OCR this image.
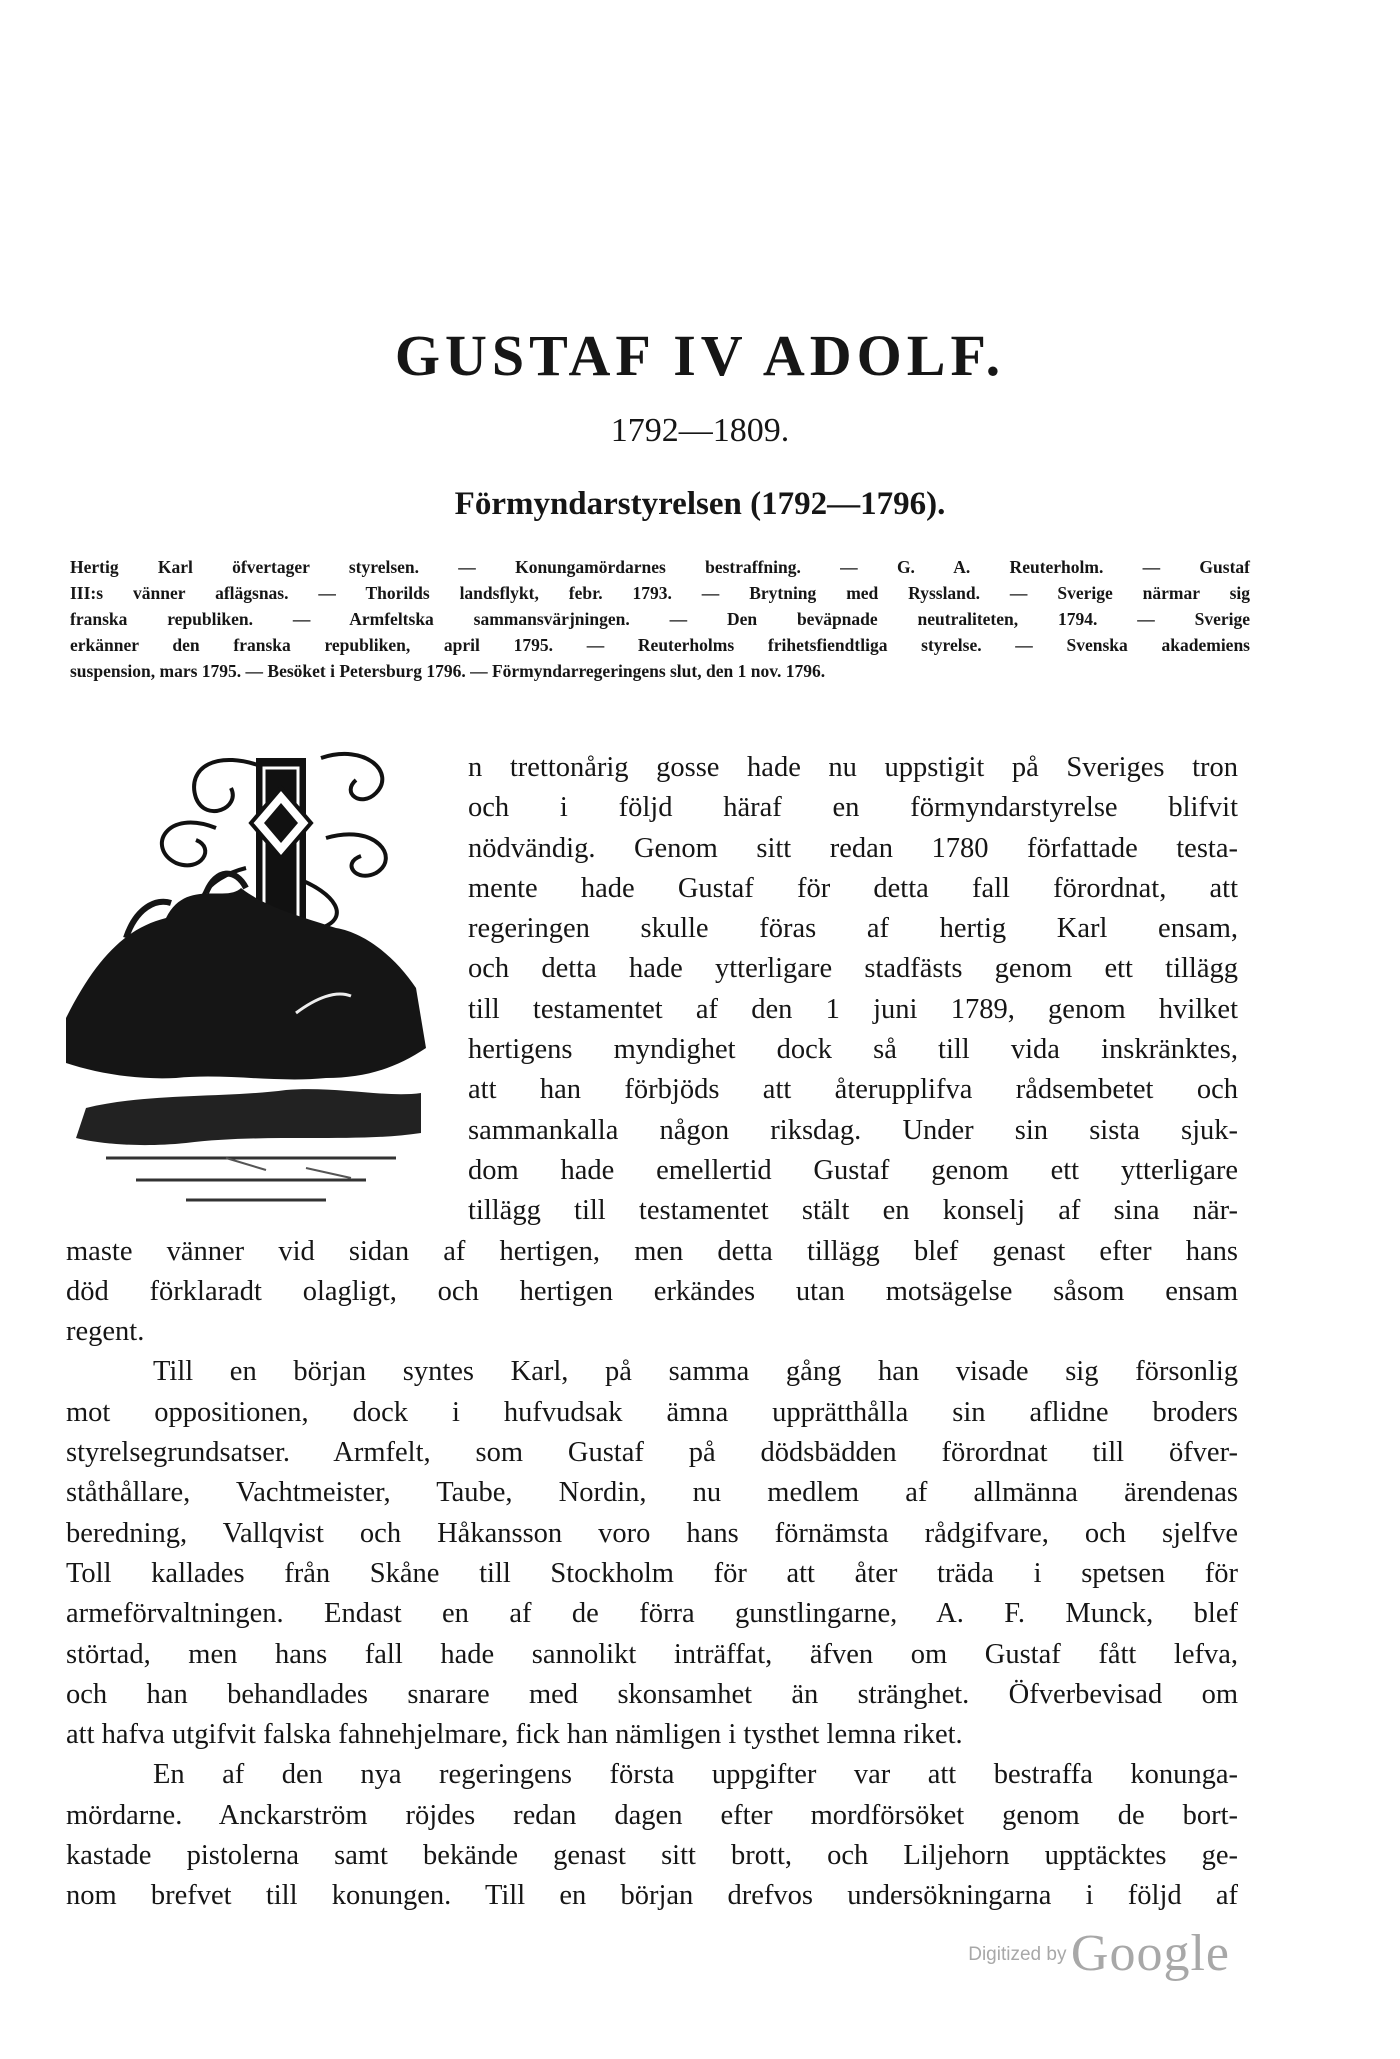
GUSTAF IV ADOLF.
1792—1809.
Förmyndarstyrelsen (1792—1796).
Hertig Karl öfvertager styrelsen. — Konungamördarnes bestraffning. — G. A. Reuterholm. — Gustaf
III:s vänner aflägsnas. — Thorilds landsflykt, febr. 1793. — Brytning med Ryssland. — Sverige närmar sig
franska republiken. — Armfeltska sammansvärjningen. — Den beväpnade neutraliteten, 1794. — Sverige
erkänner den franska republiken, april 1795. — Reuterholms frihetsfiendtliga styrelse. — Svenska akademiens
suspension, mars 1795. — Besöket i Petersburg 1796. — Förmyndarregeringens slut, den 1 nov. 1796.
n trettonårig gosse hade nu uppstigit på Sveriges tron
och i följd häraf en förmyndarstyrelse blifvit
nödvändig. Genom sitt redan 1780 författade testa-
mente hade Gustaf för detta fall förordnat, att
regeringen skulle föras af hertig Karl ensam,
och detta hade ytterligare stadfästs genom ett tillägg
till testamentet af den 1 juni 1789, genom hvilket
hertigens myndighet dock så till vida inskränktes,
att han förbjöds att återupplifva rådsembetet och
sammankalla någon riksdag. Under sin sista sjuk-
dom hade emellertid Gustaf genom ett ytterligare
tillägg till testamentet stält en konselj af sina när-
maste vänner vid sidan af hertigen, men detta tillägg blef genast efter hans
död förklaradt olagligt, och hertigen erkändes utan motsägelse såsom ensam
regent.
Till en början syntes Karl, på samma gång han visade sig försonlig
mot oppositionen, dock i hufvudsak ämna upprätthålla sin aflidne broders
styrelsegrundsatser. Armfelt, som Gustaf på dödsbädden förordnat till öfver-
ståthållare, Vachtmeister, Taube, Nordin, nu medlem af allmänna ärendenas
beredning, Vallqvist och Håkansson voro hans förnämsta rådgifvare, och sjelfve
Toll kallades från Skåne till Stockholm för att åter träda i spetsen för
armeförvaltningen. Endast en af de förra gunstlingarne, A. F. Munck, blef
störtad, men hans fall hade sannolikt inträffat, äfven om Gustaf fått lefva,
och han behandlades snarare med skonsamhet än stränghet. Öfverbevisad om
att hafva utgifvit falska fahnehjelmare, fick han nämligen i tysthet lemna riket.
En af den nya regeringens första uppgifter var att bestraffa konunga-
mördarne. Anckarström röjdes redan dagen efter mordförsöket genom de bort-
kastade pistolerna samt bekände genast sitt brott, och Liljehorn upptäcktes ge-
nom brefvet till konungen. Till en början drefvos undersökningarna i följd af
Digitized by Google
